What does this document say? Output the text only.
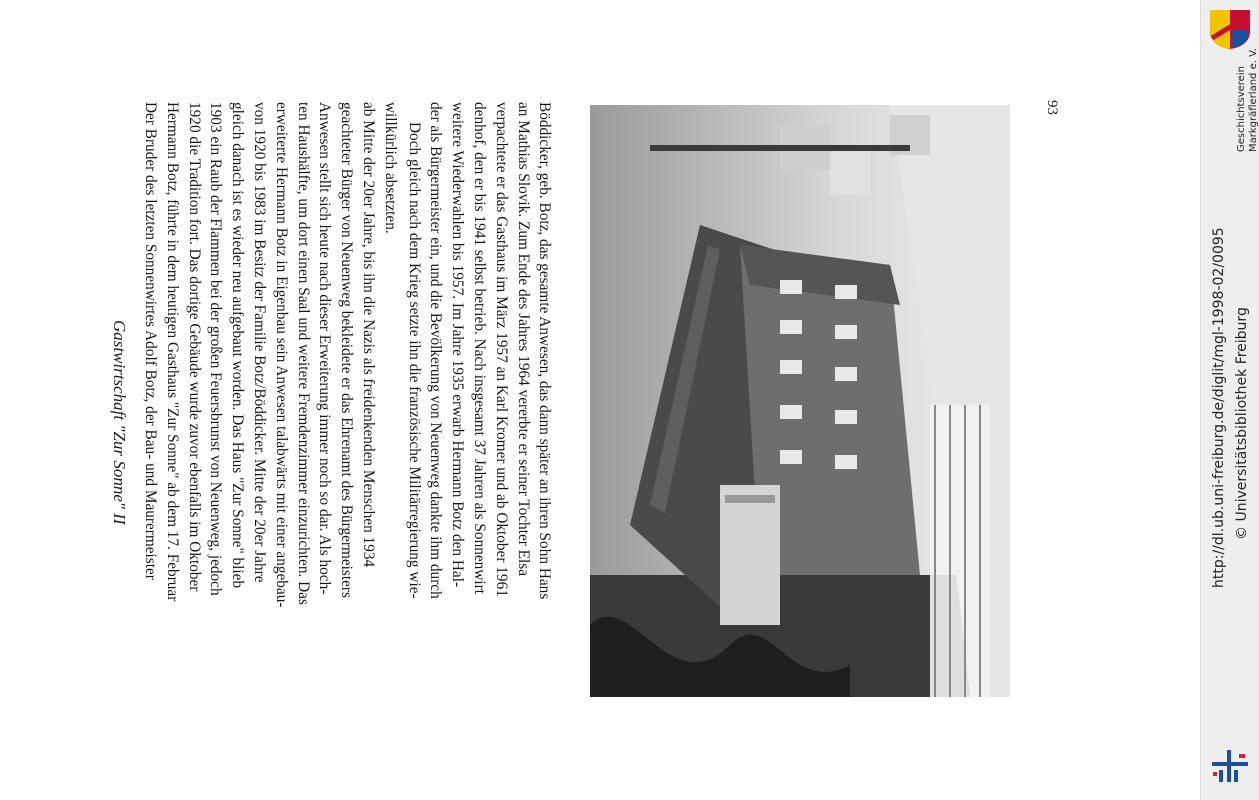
Gastwirtschaft "Zur Sonne" II Der Bruder des letzten Sonnenwirtes Adolf Botz, der Bau- und Maurermeister Hermann Botz, führte in dem heutigen Gasthaus "Zur Sonne" ab dem 17. Februar 1920 die Tradition fort. Das dortige Gebäude wurde zuvor ebenfalls im Oktober 1903 ein Raub der Flammen bei der großen Feuersbrunst von Neuenweg, jedoch gleich danach ist es wieder neu aufgebaut worden. Das Haus "Zur Sonne" blieb von 1920 bis 1983 im Besitz der Familie Botz/Böddicker. Mitte der 20er Jahre erweiterte Hermann Botz in Eigenbau sein Anwesen talabwärts mit einer angebau- ten Haushälfte, um dort einen Saal und weitere Fremdenzimmer einzurichten. Das Anwesen stellt sich heute nach dieser Erweiterung immer noch so dar. Als hoch- geachteter Bürger von Neuenweg bekleidete er das Ehrenamt des Bürgermeisters ab Mitte der 20er Jahre, bis ihn die Nazis als freidenkenden Menschen 1934 willkürlich absetzten. Doch gleich nach dem Krieg setzte ihn die französische Militärregierung wie- der als Bürgermeister ein, und die Bevölkerung von Neuenweg dankte ihm durch weitere Wiederwahlen bis 1957. Im Jahre 1935 erwarb Hermann Botz den Hal- denhof, den er bis 1941 selbst betrieb. Nach insgesamt 37 Jahren als Sonnenwirt verpachtete er das Gasthaus im März 1957 an Karl Kromer und ab Oktober 1961 an Mathias Slovik. Zum Ende des Jahres 1964 vererbte er seiner Tochter Elsa Böddicker, geb. Botz, das gesamte Anwesen, das dann später an ihren Sohn Hans	93	Geschichtsverein Markgräflerland e. V.
http://dl.ub.uni-freiburg.de/diglit/mgl-1998-02/0095 © Universitätsbibliothek Freiburg
